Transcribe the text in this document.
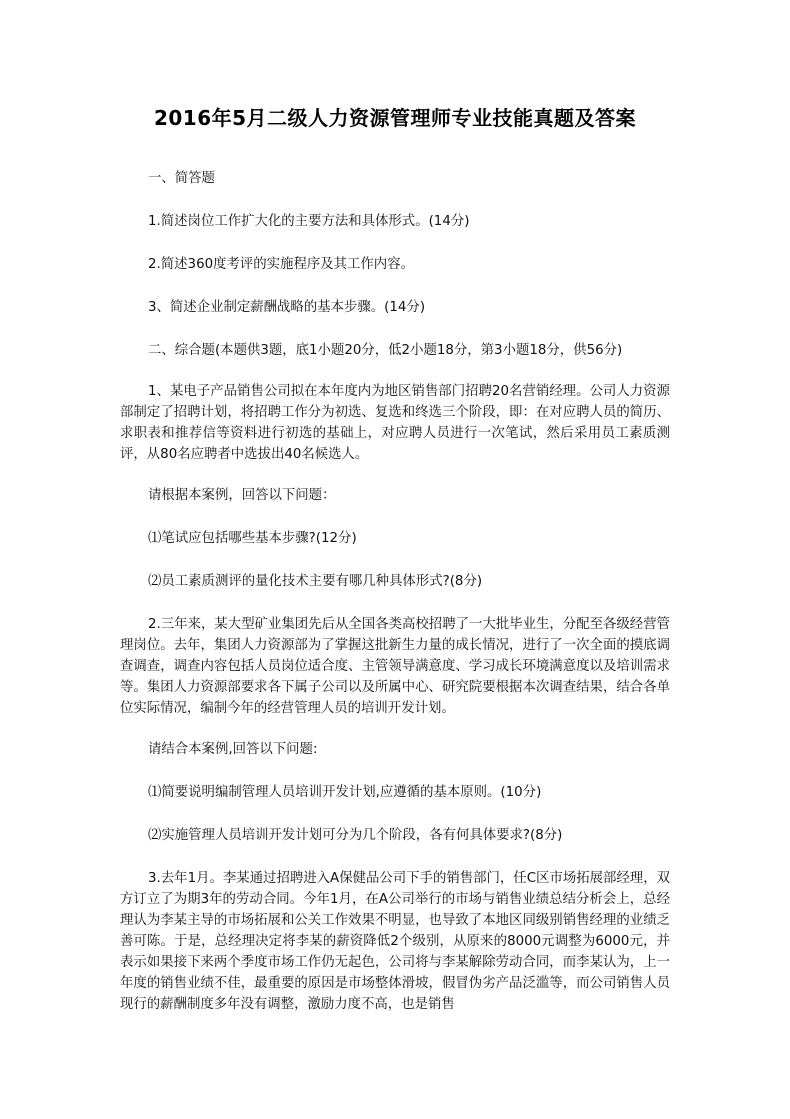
2016年5月二级人力资源管理师专业技能真题及答案

一、简答题

1.简述岗位工作扩大化的主要方法和具体形式。(14分)

2.简述360度考评的实施程序及其工作内容。

3、简述企业制定薪酬战略的基本步骤。(14分)

二、综合题(本题供3题，底1小题20分，低2小题18分，第3小题18分，供56分)

1、某电子产品销售公司拟在本年度内为地区销售部门招聘20名营销经理。公司人力资源部制定了招聘计划，将招聘工作分为初选、复选和终选三个阶段，即：在对应聘人员的简历、求职表和推荐信等资料进行初选的基础上，对应聘人员进行一次笔试，然后采用员工素质测评，从80名应聘者中选拔出40名候选人。

请根据本案例，回答以下问题：

⑴笔试应包括哪些基本步骤?(12分)

⑵员工素质测评的量化技术主要有哪几种具体形式?(8分)

2.三年来，某大型矿业集团先后从全国各类高校招聘了一大批毕业生，分配至各级经营管理岗位。去年，集团人力资源部为了掌握这批新生力量的成长情况，进行了一次全面的摸底调查调查，调查内容包括人员岗位适合度、主管领导满意度、学习成长环境满意度以及培训需求等。集团人力资源部要求各下属子公司以及所属中心、研究院要根据本次调查结果，结合各单位实际情况，编制今年的经营管理人员的培训开发计划。

请结合本案例,回答以下问题:

⑴简要说明编制管理人员培训开发计划,应遵循的基本原则。(10分)

⑵实施管理人员培训开发计划可分为几个阶段，各有何具体要求?(8分)

3.去年1月。李某通过招聘进入A保健品公司下手的销售部门，任C区市场拓展部经理，双方订立了为期3年的劳动合同。今年1月，在A公司举行的市场与销售业绩总结分析会上，总经理认为李某主导的市场拓展和公关工作效果不明显，也导致了本地区同级别销售经理的业绩乏善可陈。于是，总经理决定将李某的薪资降低2个级别，从原来的8000元调整为6000元，并表示如果接下来两个季度市场工作仍无起色，公司将与李某解除劳动合同，而李某认为，上一年度的销售业绩不佳，最重要的原因是市场整体滑坡，假冒伪劣产品泛滥等，而公司销售人员现行的薪酬制度多年没有调整，激励力度不高，也是销售
